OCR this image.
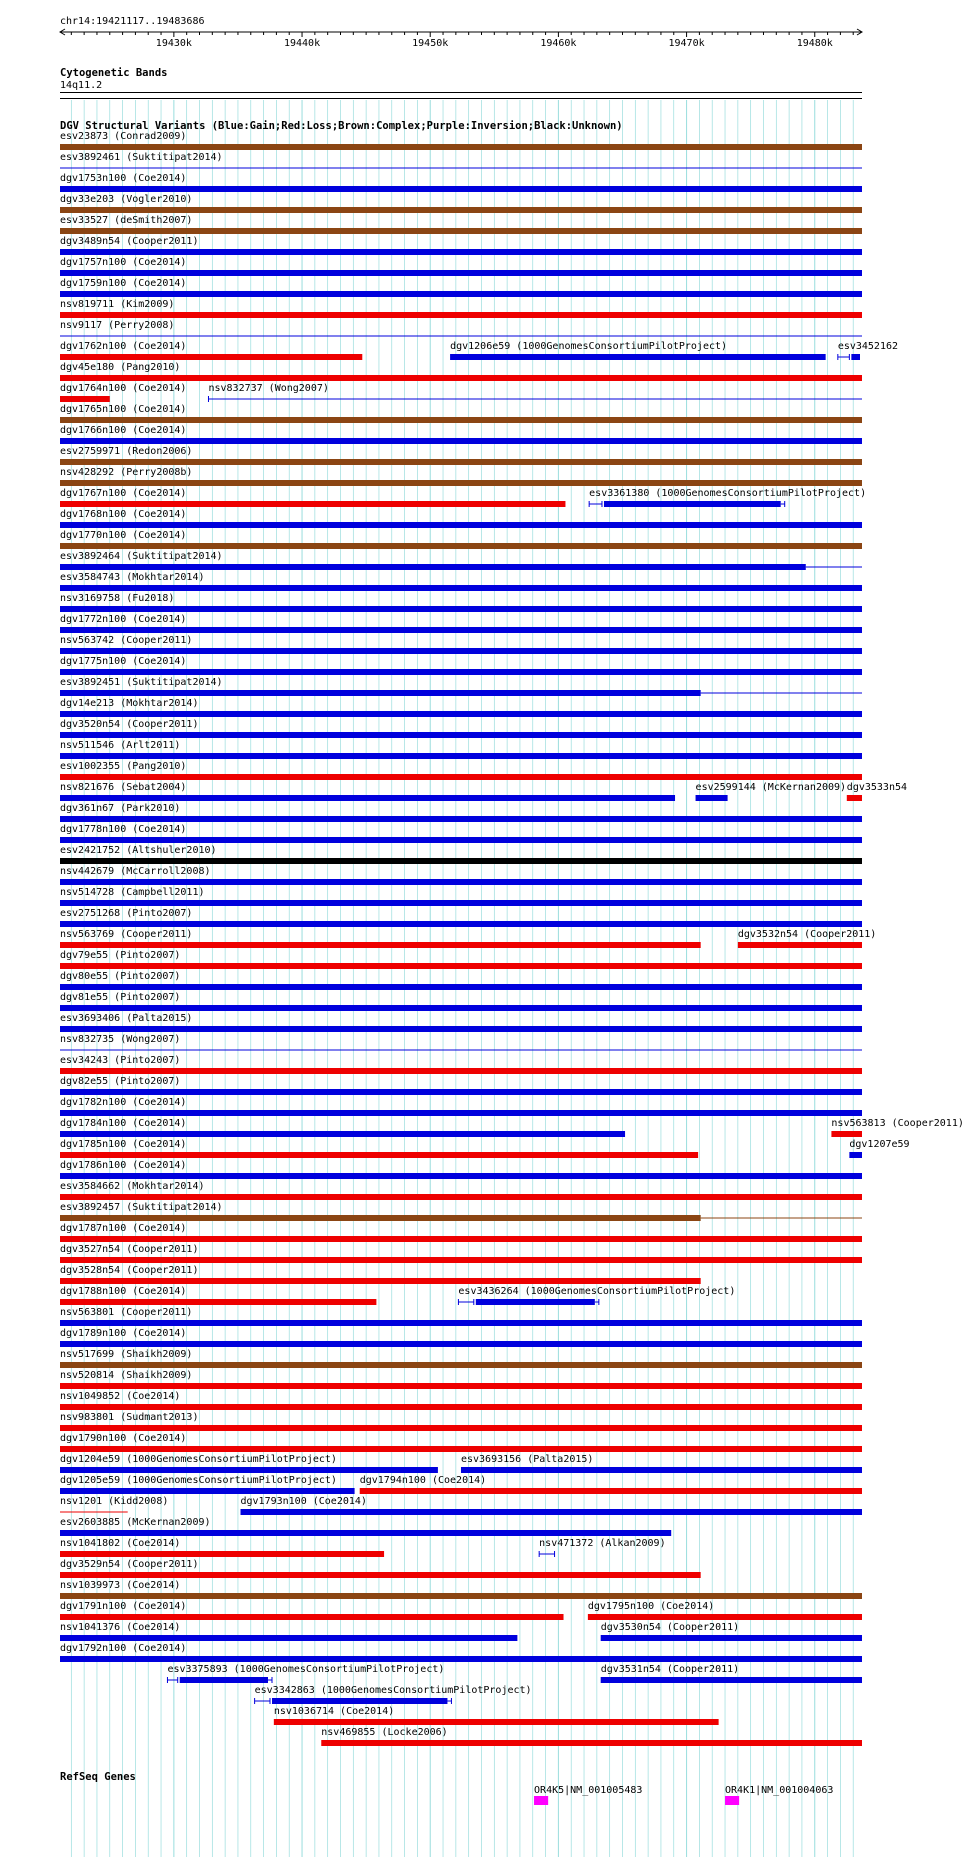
chr14:19421117..19483686
Cytogenetic Bands
14q11.2
DGV Structural Variants (Blue:Gain;Red:Loss;Brown:Complex;Purple:Inversion;Black:Unknown)
esv23873 (Conrad2009)
esv3892461 (Suktitipat2014)
dgv1753n100 (Coe2014)
dgv33e203 (Vogler2010)
esv33527 (deSmith2007)
dgv3489n54 (Cooper2011)
dgv1757n100 (Coe2014)
dgv1759n100 (Coe2014)
nsv819711 (Kim2009)
nsv9117 (Perry2008)
dgv1762n100 (Coe2014)	dgv1206e59 (1000GenomesConsortiumPilotProject)	esv3452162
dgv45e180 (Pang2010)
dgv1764n100 (Coe2014) nsv832737 (Wong2007)
dgv1765n100 (Coe2014)
dgv1766n100 (Coe2014)
esv2759971 (Redon2006)
nsv428292 (Perry2008b)
dgv1767n100 (Coe2014)	esv3361380 (1000GenomesConsortiumPilotProject)
dgv1768n100 (Coe2014)
dgv1770n100 (Coe2014)
esv3892464 (Suktitipat2014)
esv3584743 (Mokhtar2014)
nsv3169758 (Fu2018)
dgv1772n100 (Coe2014)
nsv563742 (Cooper2011)
dgv1775n100 (Coe2014)
esv3892451 (Suktitipat2014)
dgv14e213 (Mokhtar2014)
dgv3520n54 (Cooper2011)
nsv511546 (Arlt2011)
esv1002355 (Pang2010)
nsv821676 (Sebat2004)	esv2599144 (McKernan2009) dgv3533n54
dgv361n67 (Park2010)
dgv1778n100 (Coe2014)
esv2421752 (Altshuler2010)
nsv442679 (McCarroll2008)
nsv514728 (Campbell2011)
esv2751268 (Pinto2007)
nsv563769 (Cooper2011)	dgv3532n54 (Cooper2011)
dgv79e55 (Pinto2007)
dgv80e55 (Pinto2007)
dgv81e55 (Pinto2007)
esv3693406 (Palta2015)
nsv832735 (Wong2007)
esv34243 (Pinto2007)
dgv82e55 (Pinto2007)
dgv1782n100 (Coe2014)
dgv1784n100 (Coe2014)	nsv563813 (Cooper2011)
dgv1785n100 (Coe2014)	dgv1207e59
dgv1786n100 (Coe2014)
esv3584662 (Mokhtar2014)
esv3892457 (Suktitipat2014)
dgv1787n100 (Coe2014)
dgv3527n54 (Cooper2011)
dgv3528n54 (Cooper2011)
dgv1788n100 (Coe2014)	esv3436264 (1000GenomesConsortiumPilotProject)
nsv563801 (Cooper2011)
dgv1789n100 (Coe2014)
nsv517699 (Shaikh2009)
nsv520814 (Shaikh2009)
nsv1049852 (Coe2014)
nsv983801 (Sudmant2013)
dgv1790n100 (Coe2014)
dgv1204e59 (1000GenomesConsortiumPilotProject)	esv3693156 (Palta2015)
dgv1205e59 (1000GenomesConsortiumPilotProject) dgv1794n100 (Coe2014)
nsv1201 (Kidd2008)	dgv1793n100 (Coe2014)
esv2603885 (McKernan2009)
nsv1041802 (Coe2014)	nsv471372 (Alkan2009)
dgv3529n54 (Cooper2011)
nsv1039973 (Coe2014)
dgv1791n100 (Coe2014)	dgv1795n100 (Coe2014)
nsv1041376 (Coe2014)	dgv3530n54 (Cooper2011)
dgv1792n100 (Coe2014)
esv3375893 (1000GenomesConsortiumPilotProject)	dgv3531n54 (Cooper2011)
esv3342863 (1000GenomesConsortiumPilotProject)
nsv1036714 (Coe2014)
nsv469855 (Locke2006)
RefSeq Genes
OR4K5|NM_001005483	OR4K1|NM_001004063
19430k	19440k	19450k	19460k	19470k	19480k
